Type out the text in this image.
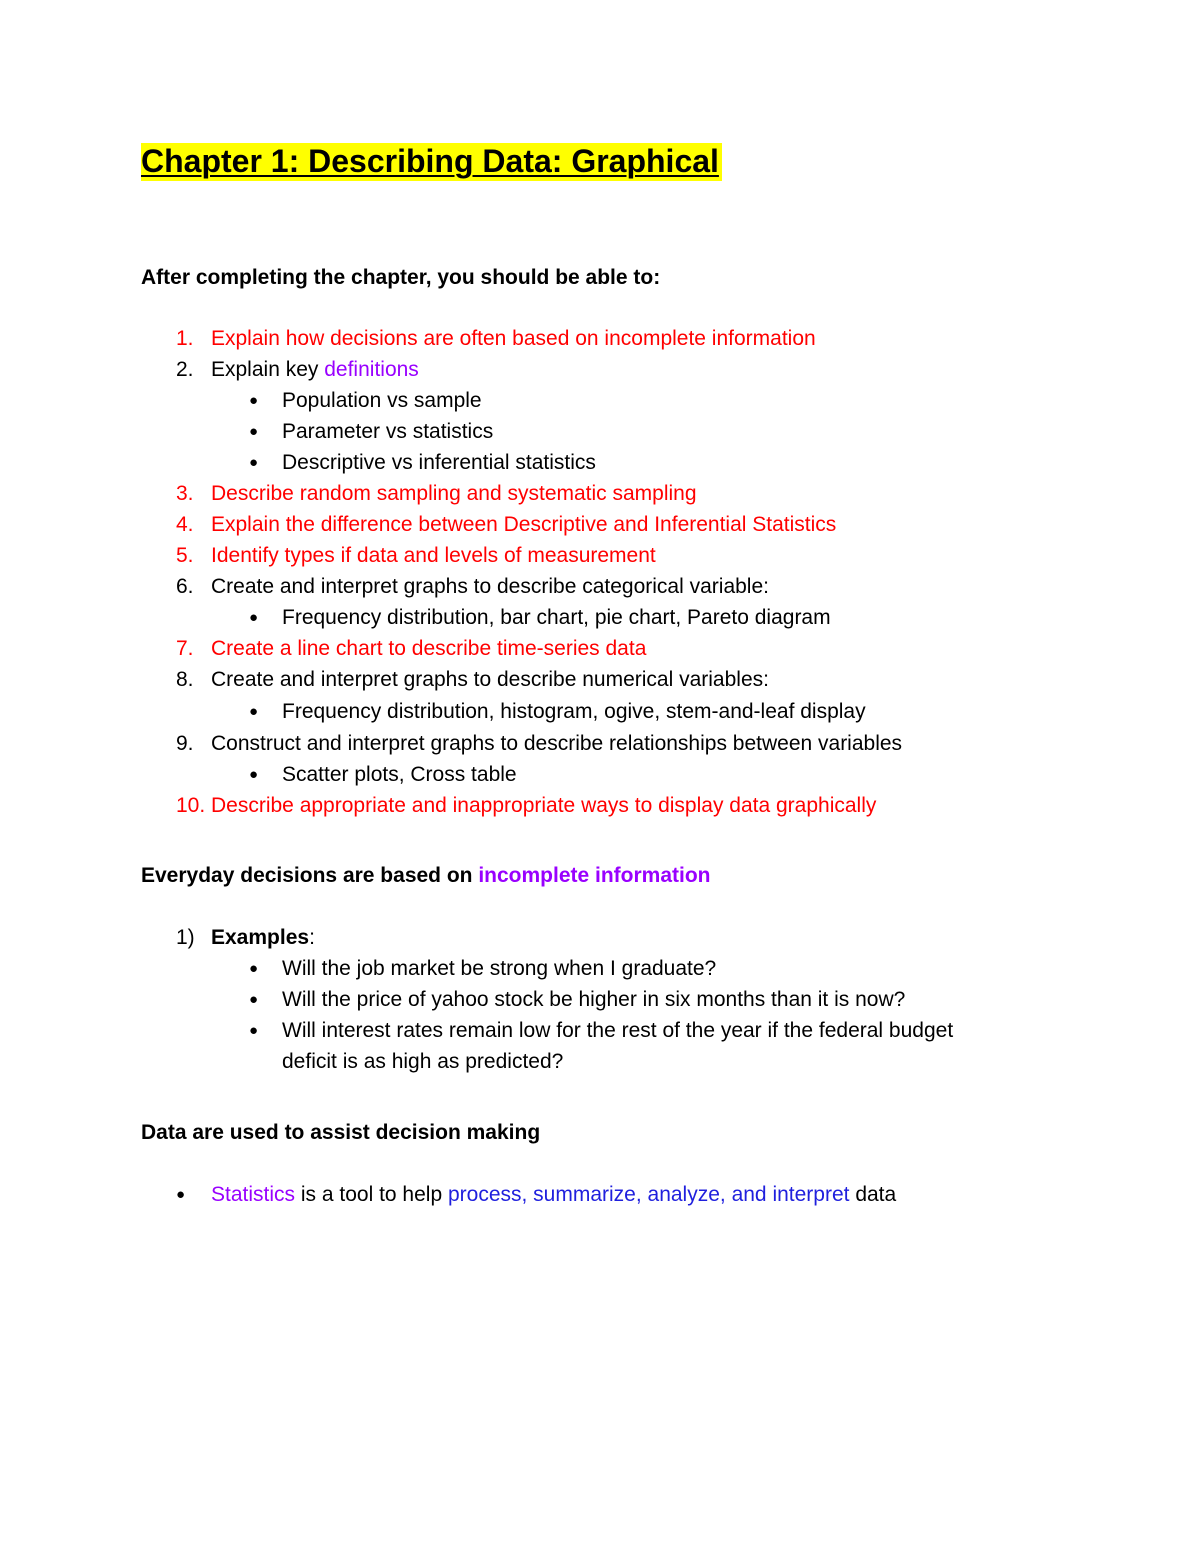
Chapter 1: Describing Data: Graphical

After completing the chapter, you should be able to:

1. Explain how decisions are often based on incomplete information
2. Explain key definitions
● Population vs sample
● Parameter vs statistics
● Descriptive vs inferential statistics
3. Describe random sampling and systematic sampling
4. Explain the difference between Descriptive and Inferential Statistics
5. Identify types if data and levels of measurement
6. Create and interpret graphs to describe categorical variable:
● Frequency distribution, bar chart, pie chart, Pareto diagram
7. Create a line chart to describe time-series data
8. Create and interpret graphs to describe numerical variables:
● Frequency distribution, histogram, ogive, stem-and-leaf display
9. Construct and interpret graphs to describe relationships between variables
● Scatter plots, Cross table
10. Describe appropriate and inappropriate ways to display data graphically

Everyday decisions are based on incomplete information

1) Examples:
● Will the job market be strong when I graduate?
● Will the price of yahoo stock be higher in six months than it is now?
● Will interest rates remain low for the rest of the year if the federal budget
deficit is as high as predicted?

Data are used to assist decision making

● Statistics is a tool to help process, summarize, analyze, and interpret data
